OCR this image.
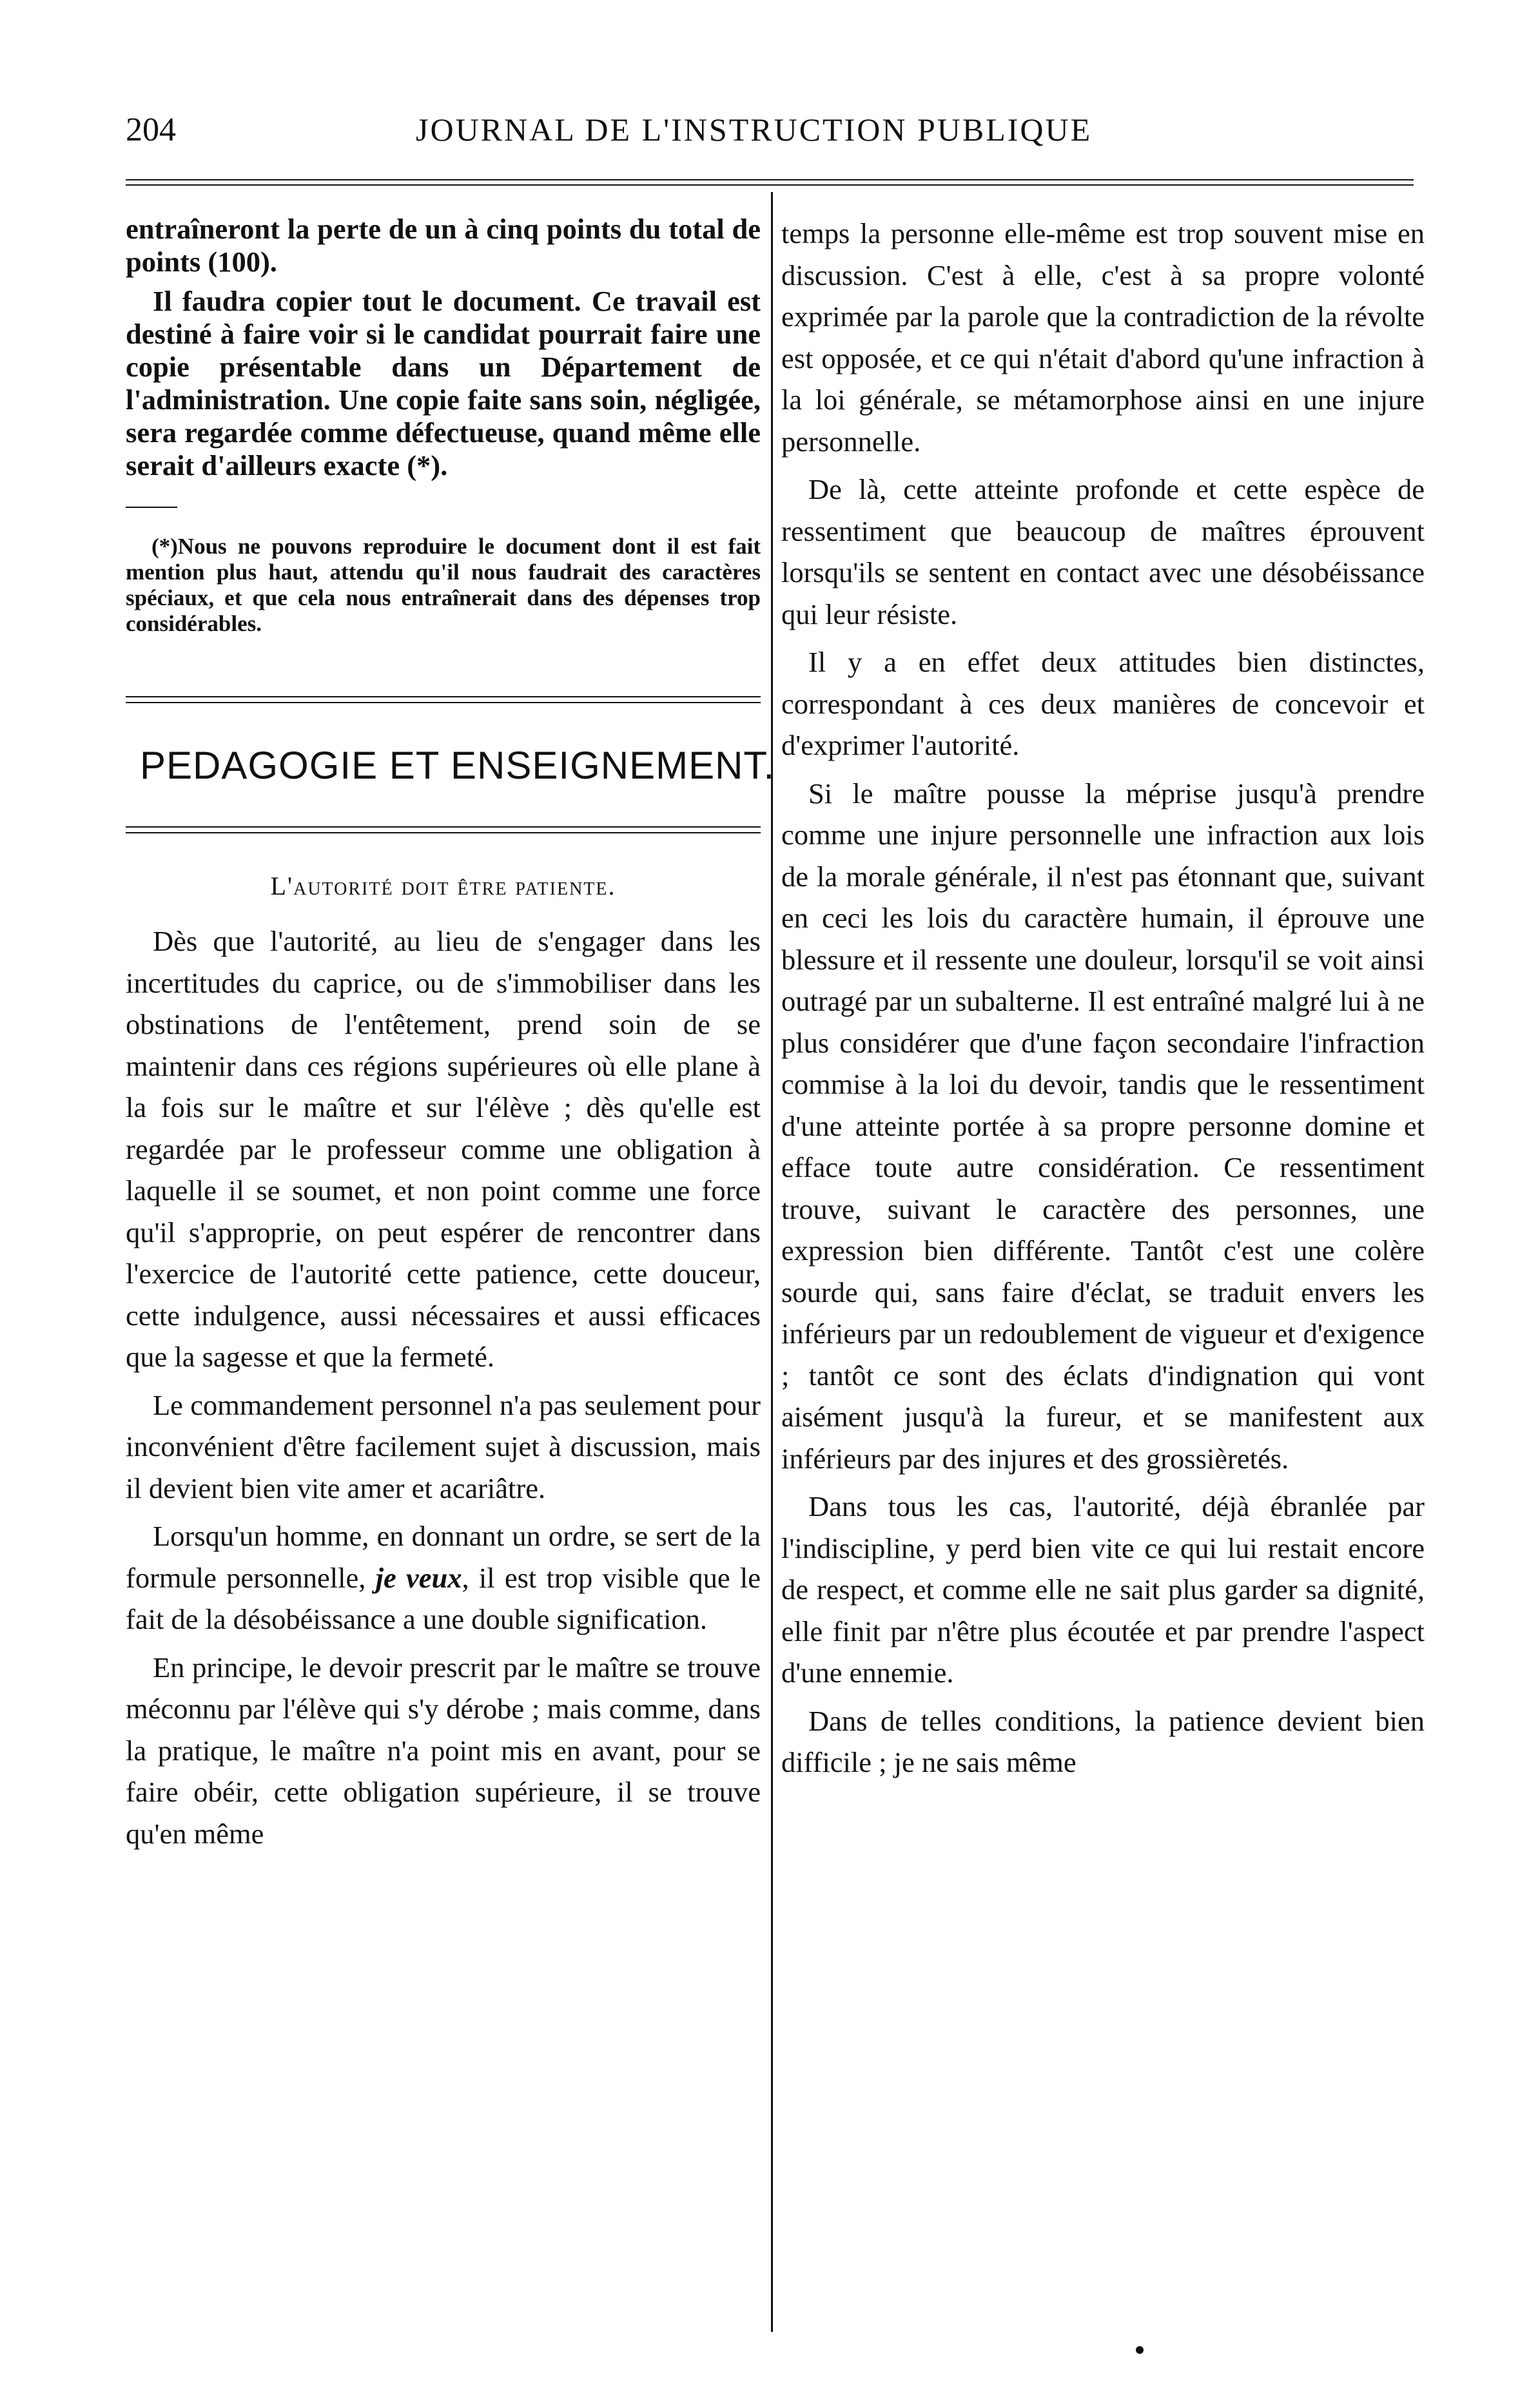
204	JOURNAL DE L'INSTRUCTION PUBLIQUE

entraîneront la perte de un à cinq points du total de points (100).

Il faudra copier tout le document. Ce travail est destiné à faire voir si le candidat pourrait faire une copie présentable dans un Département de l'administration. Une copie faite sans soin, négligée, sera regardée comme défectueuse, quand même elle serait d'ailleurs exacte (*).

(*)Nous ne pouvons reproduire le document dont il est fait mention plus haut, attendu qu'il nous faudrait des caractères spéciaux, et que cela nous entraînerait dans des dépenses trop considérables.

PEDAGOGIE ET ENSEIGNEMENT.
L'autorité doit être patiente.

Dès que l'autorité, au lieu de s'engager dans les incertitudes du caprice, ou de s'immobiliser dans les obstinations de l'entêtement, prend soin de se maintenir dans ces régions supérieures où elle plane à la fois sur le maître et sur l'élève ; dès qu'elle est regardée par le professeur comme une obligation à laquelle il se soumet, et non point comme une force qu'il s'approprie, on peut espérer de rencontrer dans l'exercice de l'autorité cette patience, cette douceur, cette indulgence, aussi nécessaires et aussi efficaces que la sagesse et que la fermeté.

Le commandement personnel n'a pas seulement pour inconvénient d'être facilement sujet à discussion, mais il devient bien vite amer et acariâtre.

Lorsqu'un homme, en donnant un ordre, se sert de la formule personnelle, je veux, il est trop visible que le fait de la désobéissance a une double signification.

En principe, le devoir prescrit par le maître se trouve méconnu par l'élève qui s'y dérobe ; mais comme, dans la pratique, le maître n'a point mis en avant, pour se faire obéir, cette obligation supérieure, il se trouve qu'en même

temps la personne elle-même est trop souvent mise en discussion. C'est à elle, c'est à sa propre volonté exprimée par la parole que la contradiction de la révolte est opposée, et ce qui n'était d'abord qu'une infraction à la loi générale, se métamorphose ainsi en une injure personnelle.

De là, cette atteinte profonde et cette espèce de ressentiment que beaucoup de maîtres éprouvent lorsqu'ils se sentent en contact avec une désobéissance qui leur résiste.

Il y a en effet deux attitudes bien distinctes, correspondant à ces deux manières de concevoir et d'exprimer l'autorité.

Si le maître pousse la méprise jusqu'à prendre comme une injure personnelle une infraction aux lois de la morale générale, il n'est pas étonnant que, suivant en ceci les lois du caractère humain, il éprouve une blessure et il ressente une douleur, lorsqu'il se voit ainsi outragé par un subalterne. Il est entraîné malgré lui à ne plus considérer que d'une façon secondaire l'infraction commise à la loi du devoir, tandis que le ressentiment d'une atteinte portée à sa propre personne domine et efface toute autre considération. Ce ressentiment trouve, suivant le caractère des personnes, une expression bien différente. Tantôt c'est une colère sourde qui, sans faire d'éclat, se traduit envers les inférieurs par un redoublement de vigueur et d'exigence ; tantôt ce sont des éclats d'indignation qui vont aisément jusqu'à la fureur, et se manifestent aux inférieurs par des injures et des grossièretés.

Dans tous les cas, l'autorité, déjà ébranlée par l'indiscipline, y perd bien vite ce qui lui restait encore de respect, et comme elle ne sait plus garder sa dignité, elle finit par n'être plus écoutée et par prendre l'aspect d'une ennemie.

Dans de telles conditions, la patience devient bien difficile ; je ne sais même
